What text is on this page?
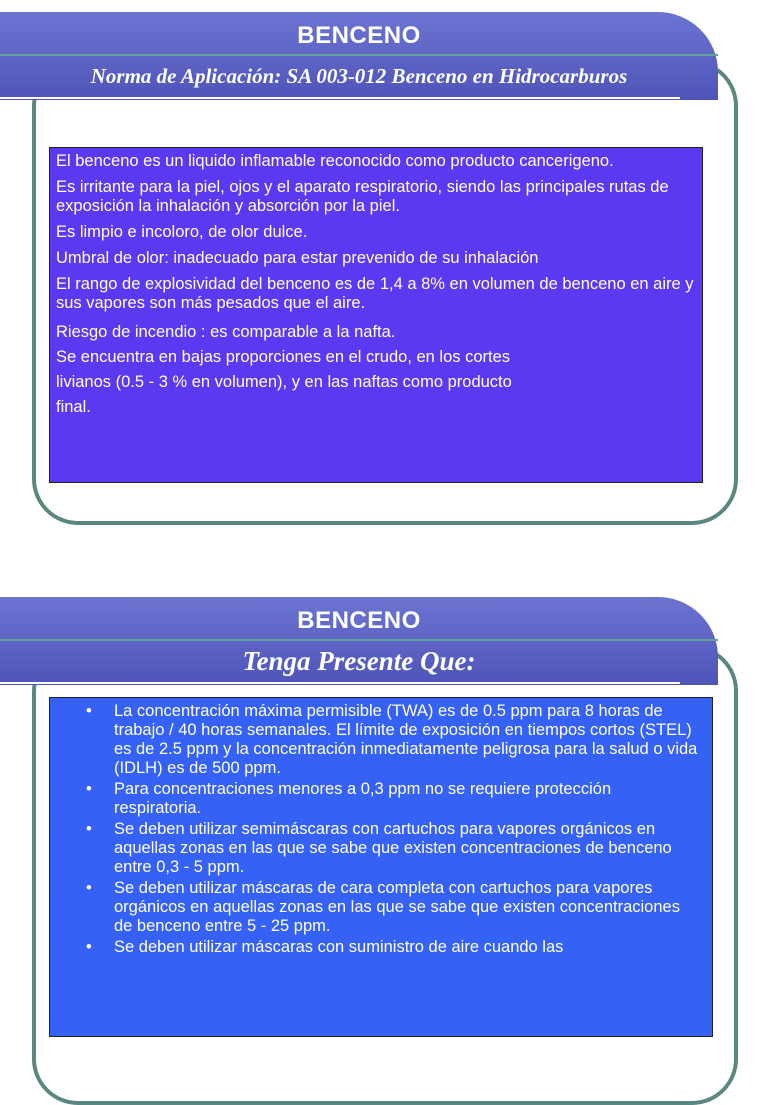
BENCENO
Norma de Aplicación: SA 003-012 Benceno en Hidrocarburos

El benceno es un liquido inflamable reconocido como producto cancerigeno.

Es irritante para la piel, ojos y el aparato respiratorio, siendo las principales rutas de exposición la inhalación y absorción por la piel.

Es limpio e incoloro, de olor dulce.

Umbral de olor: inadecuado para estar prevenido de su inhalación

El rango de explosividad del benceno es de 1,4 a 8% en volumen de benceno en aire y sus vapores son más pesados que el aire.

Riesgo de incendio : es comparable a la nafta.

Se encuentra en bajas proporciones en el crudo, en los cortes

livianos (0.5 - 3 % en volumen), y en las naftas como producto

final.

BENCENO
Tenga Presente Que:
• La concentración máxima permisible (TWA) es de 0.5 ppm para 8 horas de trabajo / 40 horas semanales. El límite de exposición en tiempos cortos (STEL) es de 2.5 ppm y la concentración inmediatamente peligrosa para la salud o vida (IDLH) es de 500 ppm.
• Para concentraciones menores a 0,3 ppm no se requiere protección respiratoria.
• Se deben utilizar semimáscaras con cartuchos para vapores orgánicos en aquellas zonas en las que se sabe que existen concentraciones de benceno entre 0,3 - 5 ppm.
• Se deben utilizar máscaras de cara completa con cartuchos para vapores orgánicos en aquellas zonas en las que se sabe que existen concentraciones de benceno entre 5 - 25 ppm.
• Se deben utilizar máscaras con suministro de aire cuando las
